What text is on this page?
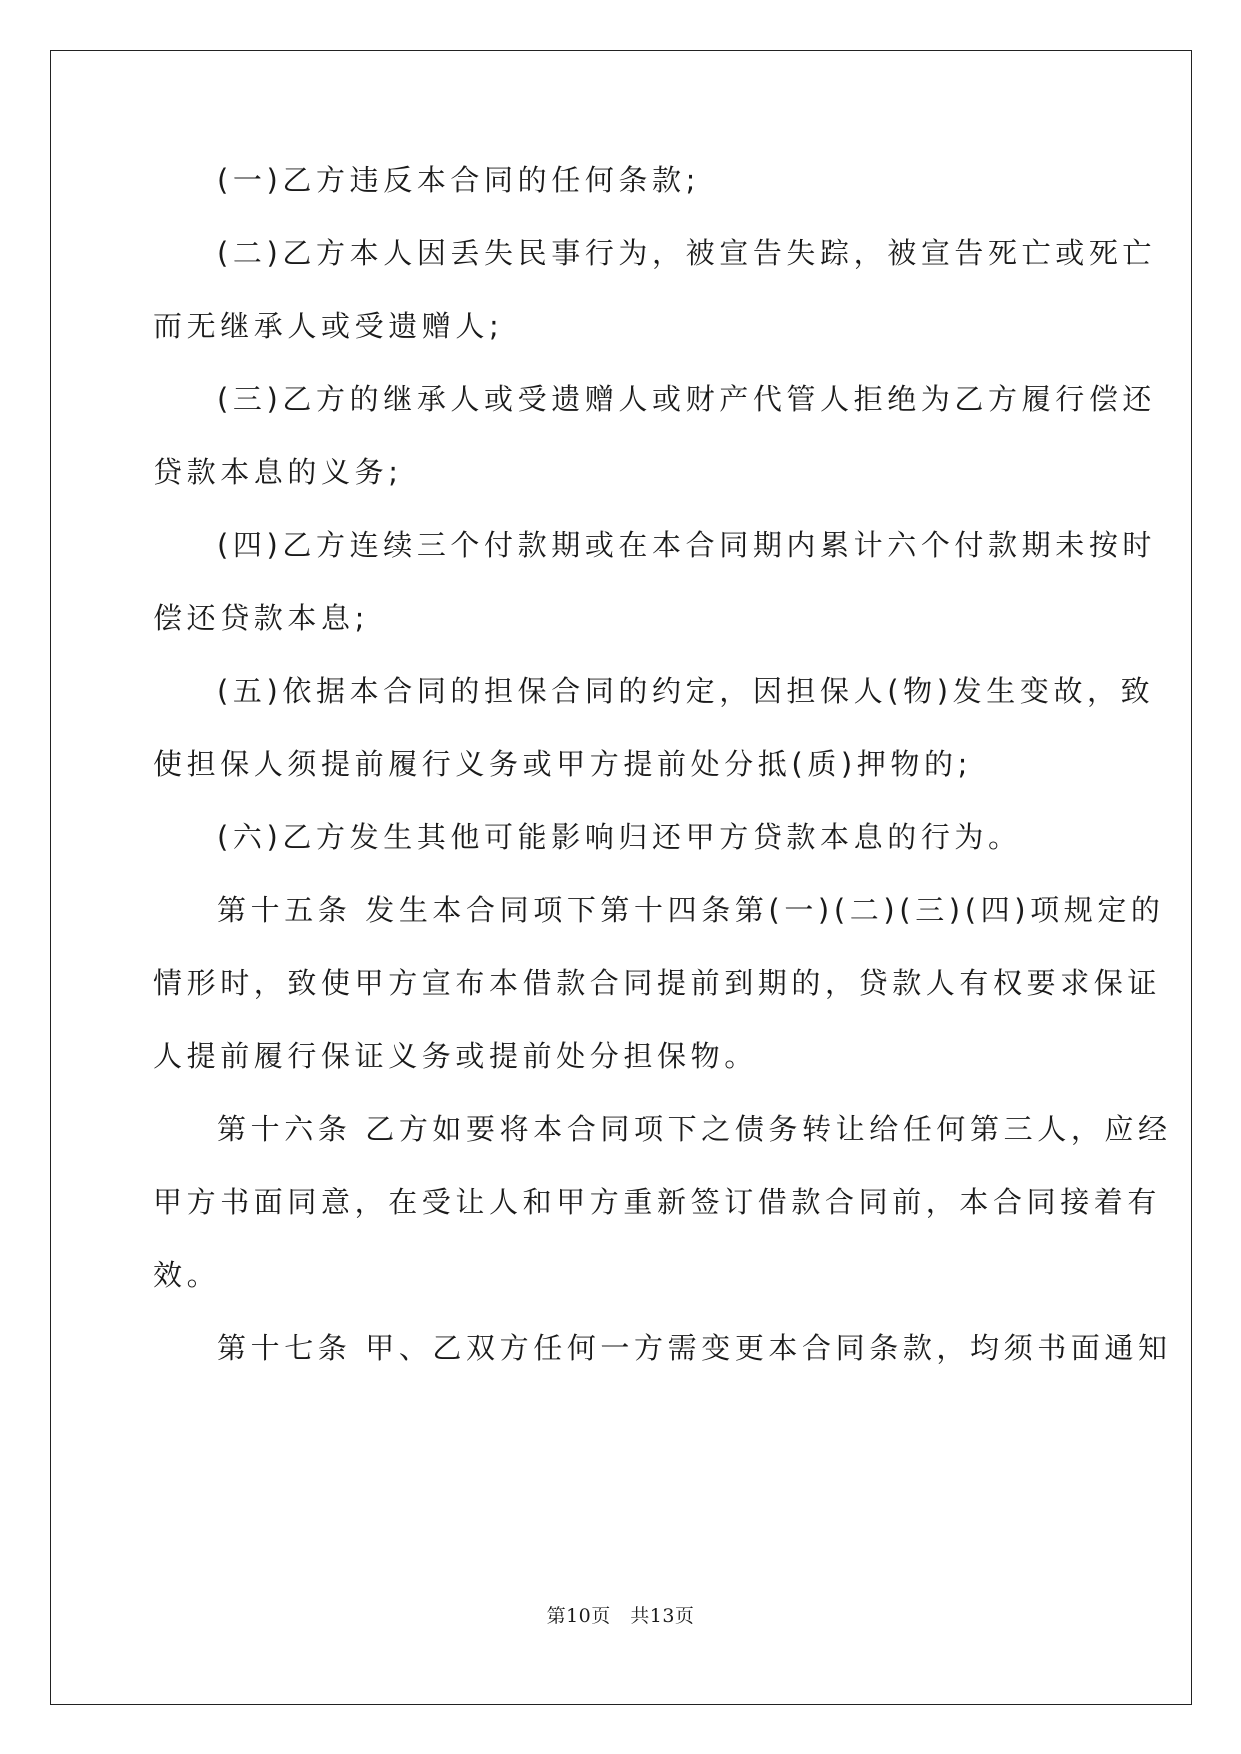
(一)乙方违反本合同的任何条款;
(二)乙方本人因丢失民事行为，被宣告失踪，被宣告死亡或死亡
而无继承人或受遗赠人;
(三)乙方的继承人或受遗赠人或财产代管人拒绝为乙方履行偿还
贷款本息的义务;
(四)乙方连续三个付款期或在本合同期内累计六个付款期未按时
偿还贷款本息;
(五)依据本合同的担保合同的约定，因担保人(物)发生变故，致
使担保人须提前履行义务或甲方提前处分抵(质)押物的;
(六)乙方发生其他可能影响归还甲方贷款本息的行为。
第十五条 发生本合同项下第十四条第(一)(二)(三)(四)项规定的
情形时，致使甲方宣布本借款合同提前到期的，贷款人有权要求保证
人提前履行保证义务或提前处分担保物。
第十六条 乙方如要将本合同项下之债务转让给任何第三人，应经
甲方书面同意，在受让人和甲方重新签订借款合同前，本合同接着有
效。
第十七条 甲、乙双方任何一方需变更本合同条款，均须书面通知
第10页　共13页
